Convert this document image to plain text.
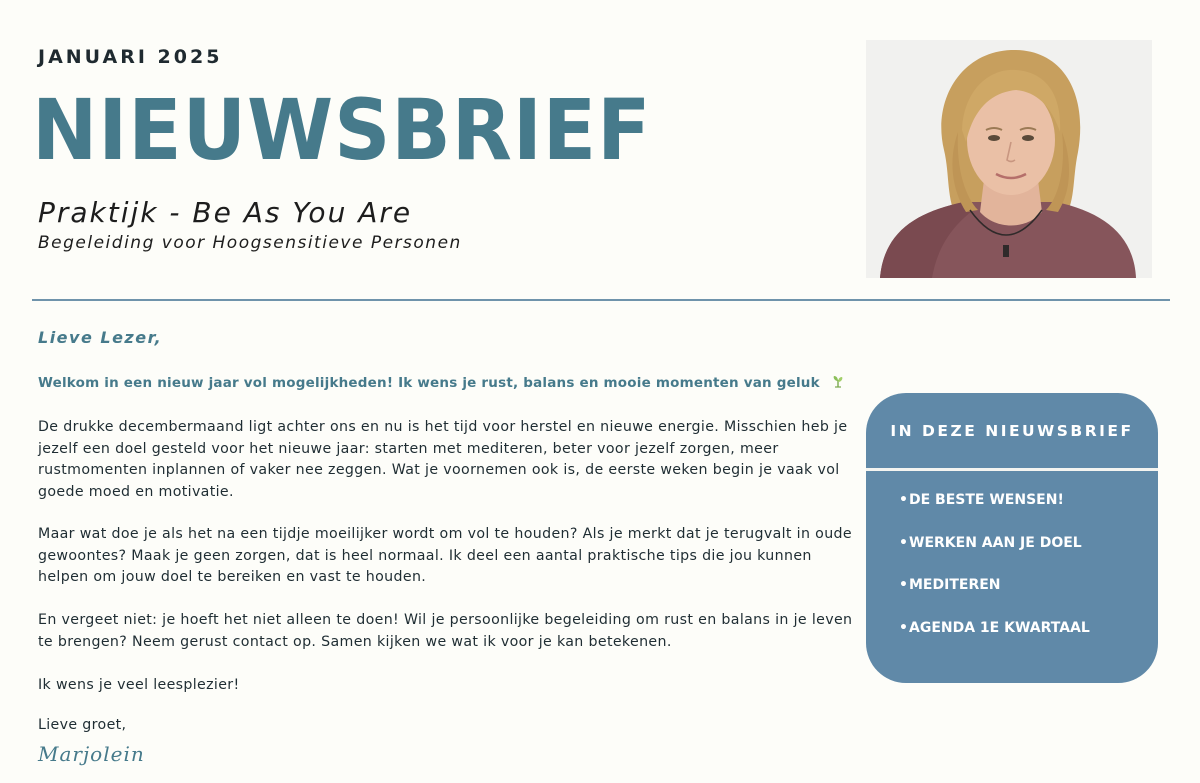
JANUARI 2025
NIEUWSBRIEF
Praktijk - Be As You Are
Begeleiding voor Hoogsensitieve Personen
Lieve Lezer,
Welkom in een nieuw jaar vol mogelijkheden! Ik wens je rust, balans en mooie momenten van geluk
De drukke decembermaand ligt achter ons en nu is het tijd voor herstel en nieuwe energie. Misschien heb je jezelf een doel gesteld voor het nieuwe jaar: starten met mediteren, beter voor jezelf zorgen, meer rustmomenten inplannen of vaker nee zeggen. Wat je voornemen ook is, de eerste weken begin je vaak vol goede moed en motivatie.
Maar wat doe je als het na een tijdje moeilijker wordt om vol te houden? Als je merkt dat je terugvalt in oude gewoontes? Maak je geen zorgen, dat is heel normaal. Ik deel een aantal praktische tips die jou kunnen helpen om jouw doel te bereiken en vast te houden.
En vergeet niet: je hoeft het niet alleen te doen! Wil je persoonlijke begeleiding om rust en balans in je leven te brengen? Neem gerust contact op. Samen kijken we wat ik voor je kan betekenen.
Ik wens je veel leesplezier!
Lieve groet,
Marjolein
IN DEZE NIEUWSBRIEF
• DE BESTE WENSEN!
• WERKEN AAN JE DOEL
• MEDITEREN
• AGENDA 1E KWARTAAL
